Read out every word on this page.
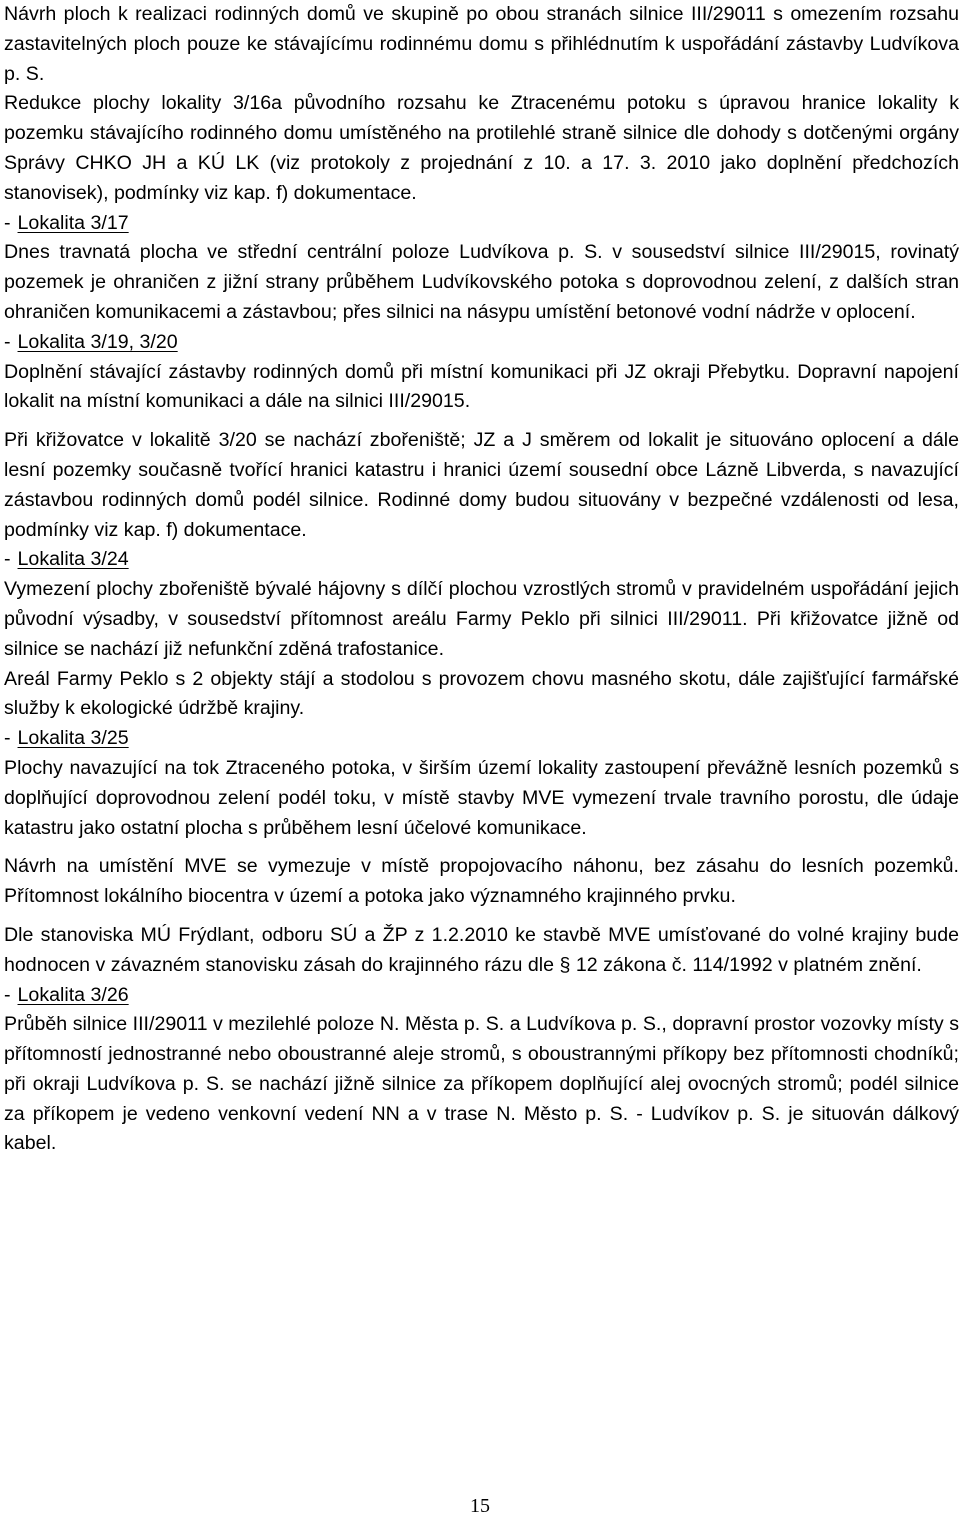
Návrh ploch k realizaci rodinných domů ve skupině po obou stranách silnice III/29011 s omezením rozsahu zastavitelných ploch pouze ke stávajícímu rodinnému domu s přihlédnutím k uspořádání zástavby Ludvíkova p. S.

Redukce plochy lokality 3/16a původního rozsahu ke Ztracenému potoku s úpravou hranice lokality k pozemku stávajícího rodinného domu umístěného na protilehlé straně silnice dle dohody s dotčenými orgány Správy CHKO JH a KÚ LK (viz protokoly z projednání z 10. a 17. 3. 2010 jako doplnění předchozích stanovisek), podmínky viz kap. f) dokumentace.

- Lokalita 3/17

Dnes travnatá plocha ve střední centrální poloze Ludvíkova p. S. v sousedství silnice III/29015, rovinatý pozemek je ohraničen z jižní strany průběhem Ludvíkovského potoka s doprovodnou zelení, z dalších stran ohraničen komunikacemi a zástavbou; přes silnici na násypu umístění betonové vodní nádrže v oplocení.

- Lokalita 3/19, 3/20

Doplnění stávající zástavby rodinných domů při místní komunikaci při JZ okraji Přebytku. Dopravní napojení lokalit na místní komunikaci a dále na silnici III/29015.

Při křižovatce v lokalitě 3/20 se nachází zbořeniště; JZ a J směrem od lokalit je situováno oplocení a dále lesní pozemky současně tvořící hranici katastru i hranici území sousední obce Lázně Libverda, s navazující zástavbou rodinných domů podél silnice. Rodinné domy budou situovány v bezpečné vzdálenosti od lesa, podmínky viz kap. f) dokumentace.

- Lokalita 3/24

Vymezení plochy zbořeniště bývalé hájovny s dílčí plochou vzrostlých stromů v pravidelném uspořádání jejich původní výsadby, v sousedství přítomnost areálu Farmy Peklo při silnici III/29011. Při křižovatce jižně od silnice se nachází již nefunkční zděná trafostanice.

Areál Farmy Peklo s 2 objekty stájí a stodolou s provozem chovu masného skotu, dále zajišťující farmářské služby k ekologické údržbě krajiny.

- Lokalita 3/25

Plochy navazující na tok Ztraceného potoka, v širším území lokality zastoupení převážně lesních pozemků s doplňující doprovodnou zelení podél toku, v místě stavby MVE vymezení trvale travního porostu, dle údaje katastru jako ostatní plocha s průběhem lesní účelové komunikace.

Návrh na umístění MVE se vymezuje v místě propojovacího náhonu, bez zásahu do lesních pozemků. Přítomnost lokálního biocentra v území a potoka jako významného krajinného prvku.

Dle stanoviska MÚ Frýdlant, odboru SÚ a ŽP z 1.2.2010 ke stavbě MVE umísťované do volné krajiny bude hodnocen v závazném stanovisku zásah do krajinného rázu dle § 12 zákona č. 114/1992 v platném znění.

- Lokalita 3/26

Průběh silnice III/29011 v mezilehlé poloze N. Města p. S. a Ludvíkova p. S., dopravní prostor vozovky místy s přítomností jednostranné nebo oboustranné aleje stromů, s oboustrannými příkopy bez přítomnosti chodníků; při okraji Ludvíkova p. S. se nachází jižně silnice za příkopem doplňující alej ovocných stromů; podél silnice za příkopem je vedeno venkovní vedení NN a v trase N. Město p. S. - Ludvíkov p. S. je situován dálkový kabel.

15
